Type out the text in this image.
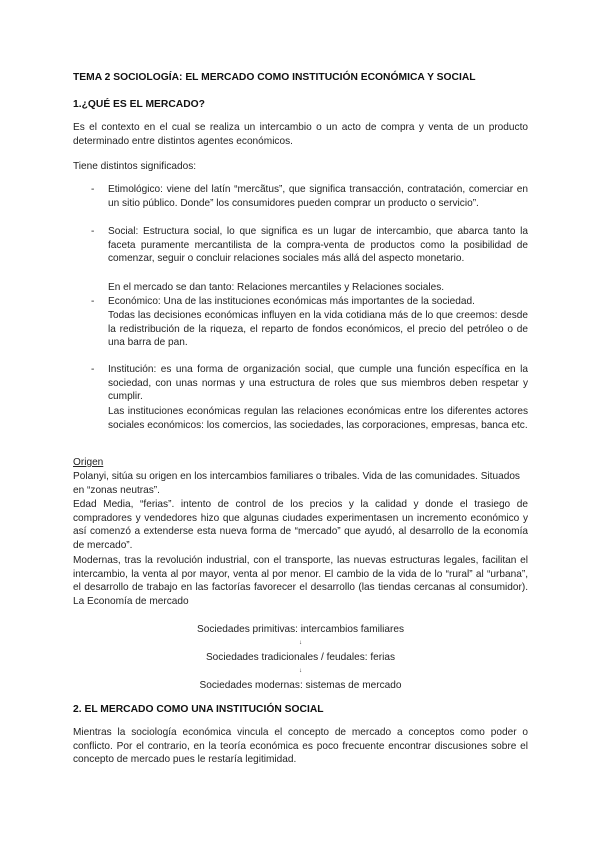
TEMA 2 SOCIOLOGÍA: EL MERCADO COMO INSTITUCIÓN ECONÓMICA Y SOCIAL
1.¿QUÉ ES EL MERCADO?

Es el contexto en el cual se realiza un intercambio o un acto de compra y venta de un producto determinado entre distintos agentes económicos.

Tiene distintos significados:

- Etimológico: viene del latín “mercãtus”, que significa transacción, contratación, comerciar en un sitio público. Donde” los consumidores pueden comprar un producto o servicio”.

- Social: Estructura social, lo que significa es un lugar de intercambio, que abarca tanto la faceta puramente mercantilista de la compra-venta de productos como la posibilidad de comenzar, seguir o concluir relaciones sociales más allá del aspecto monetario.

En el mercado se dan tanto: Relaciones mercantiles y Relaciones sociales.

- Económico: Una de las instituciones económicas más importantes de la sociedad.

Todas las decisiones económicas influyen en la vida cotidiana más de lo que creemos: desde la redistribución de la riqueza, el reparto de fondos económicos, el precio del petróleo o de una barra de pan.

- Institución: es una forma de organización social, que cumple una función específica en la sociedad, con unas normas y una estructura de roles que sus miembros deben respetar y cumplir.

Las instituciones económicas regulan las relaciones económicas entre los diferentes actores sociales económicos: los comercios, las sociedades, las corporaciones, empresas, banca etc.

Origen

Polanyi, sitúa su origen en los intercambios familiares o tribales. Vida de las comunidades. Situados en “zonas neutras”.

Edad Media, “ferias”. intento de control de los precios y la calidad y donde el trasiego de compradores y vendedores hizo que algunas ciudades experimentasen un incremento económico y así comenzó a extenderse esta nueva forma de “mercado” que ayudó, al desarrollo de la economía de mercado”.

Modernas, tras la revolución industrial, con el transporte, las nuevas estructuras legales, facilitan el intercambio, la venta al por mayor, venta al por menor. El cambio de la vida de lo “rural” al “urbana”, el desarrollo de trabajo en las factorías favorecer el desarrollo (las tiendas cercanas al consumidor). La Economía de mercado

Sociedades primitivas: intercambios familiares

↓

Sociedades tradicionales / feudales: ferias

↓

Sociedades modernas: sistemas de mercado

2. EL MERCADO COMO UNA INSTITUCIÓN SOCIAL

Mientras la sociología económica vincula el concepto de mercado a conceptos como poder o conflicto. Por el contrario, en la teoría económica es poco frecuente encontrar discusiones sobre el concepto de mercado pues le restaría legitimidad.
